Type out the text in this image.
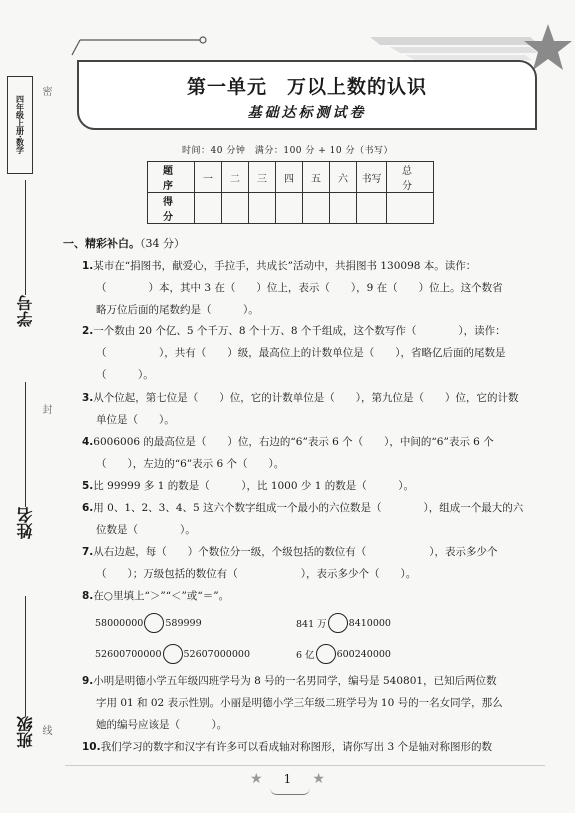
四年级上册·数学
密
封
线
学号
姓名
班级
第一单元　万以上数的认识
基础达标测试卷
时间：40 分钟　满分：100 分 + 10 分（书写）
题　序	一	二	三	四	五	六	书写	总　分
得　分								
一、精彩补白。（34 分）
1.某市在“捐图书，献爱心，手拉手，共成长”活动中，共捐图书 130098 本。读作：
（　　　　）本，其中 3 在（　　）位上，表示（　　），9 在（　　）位上。这个数省
略万位后面的尾数约是（　　　）。
2.一个数由 20 个亿、5 个千万、8 个十万、8 个千组成，这个数写作（　　　　），读作：
（　　　　　），共有（　　）级，最高位上的计数单位是（　　），省略亿后面的尾数是
（　　　）。
3.从个位起，第七位是（　　）位，它的计数单位是（　　），第九位是（　　）位，它的计数
单位是（　　）。
4.6006006 的最高位是（　　）位，右边的“6”表示 6 个（　　），中间的“6”表示 6 个
（　　），左边的“6”表示 6 个（　　）。
5.比 99999 多 1 的数是（　　　），比 1000 少 1 的数是（　　　）。
6.用 0、1、2、3、4、5 这六个数字组成一个最小的六位数是（　　　　），组成一个最大的六
位数是（　　　　）。
7.从右边起，每（　　）个数位分一级，个级包括的数位有（　　　　　　），表示多少个
（　　）；万级包括的数位有（　　　　　　），表示多少个（　　）。
8.在○里填上“＞”“＜”或“＝”。
58000000 589999	841 万 8410000
52600700000 52607000000	6 亿 600240000
9.小明是明德小学五年级四班学号为 8 号的一名男同学，编号是 540801，已知后两位数
字用 01 和 02 表示性别。小丽是明德小学三年级二班学号为 10 号的一名女同学，那么
她的编号应该是（　　　）。
10.我们学习的数字和汉字有许多可以看成轴对称图形，请你写出 3 个是轴对称图形的数
★ 1 ★
